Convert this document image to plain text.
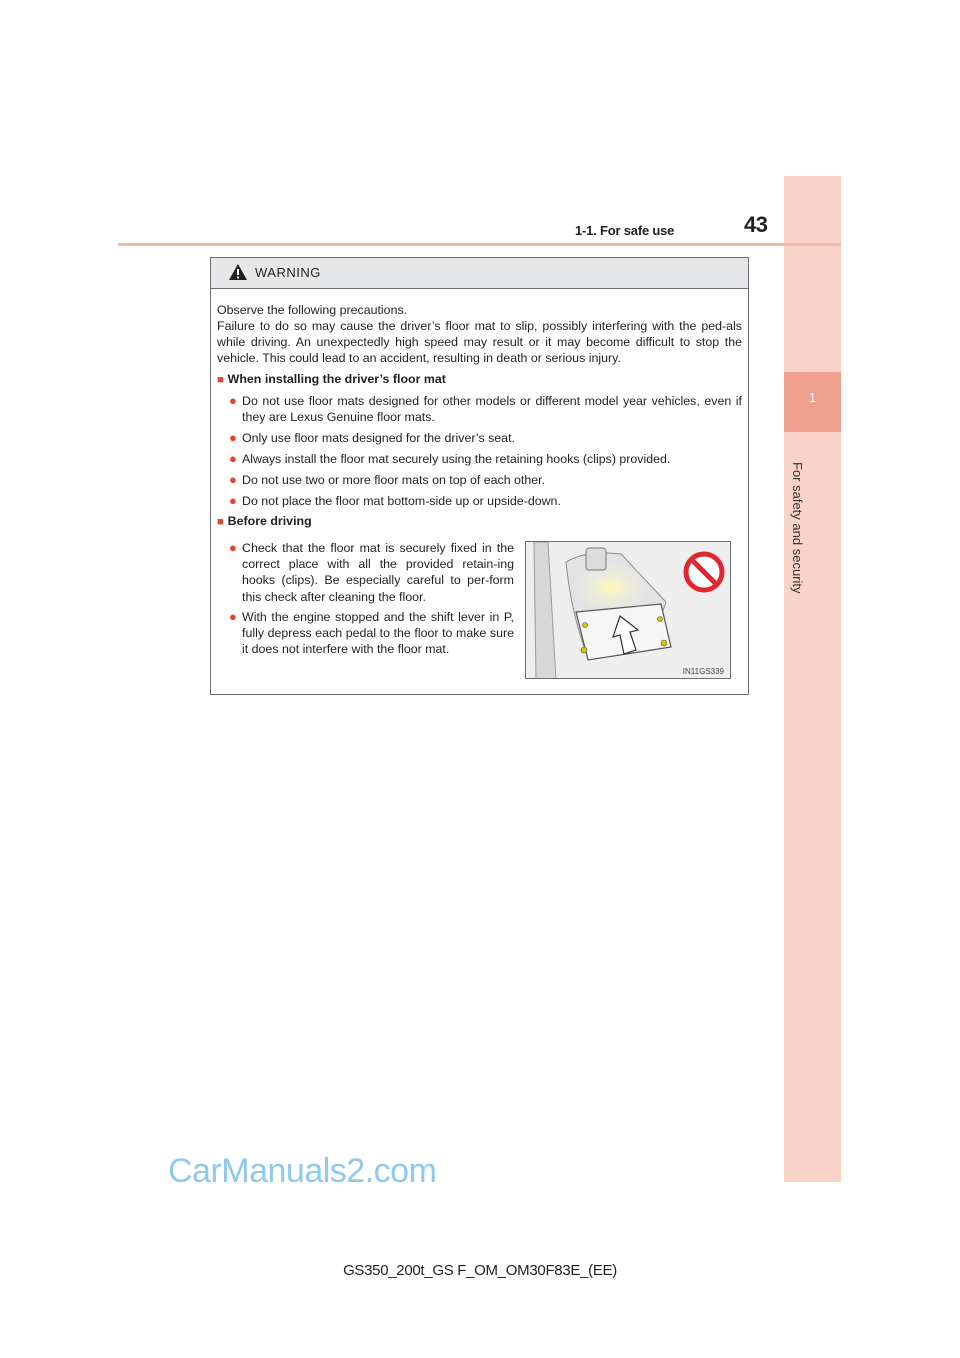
1
For safety and security
1-1. For safe use	43
WARNING
Observe the following precautions.
Failure to do so may cause the driver’s floor mat to slip, possibly interfering with the ped-als while driving. An unexpectedly high speed may result or it may become difficult to stop the vehicle. This could lead to an accident, resulting in death or serious injury.
■ When installing the driver’s floor mat
● Do not use floor mats designed for other models or different model year vehicles, even if they are Lexus Genuine floor mats.
● Only use floor mats designed for the driver’s seat.
● Always install the floor mat securely using the retaining hooks (clips) provided.
● Do not use two or more floor mats on top of each other.
● Do not place the floor mat bottom-side up or upside-down.
■ Before driving
● Check that the floor mat is securely fixed in the correct place with all the provided retain-ing hooks (clips). Be especially careful to per-form this check after cleaning the floor.
● With the engine stopped and the shift lever in P, fully depress each pedal to the floor to make sure it does not interfere with the floor mat.
IN11GS339
CarManuals2.com
GS350_200t_GS F_OM_OM30F83E_(EE)
